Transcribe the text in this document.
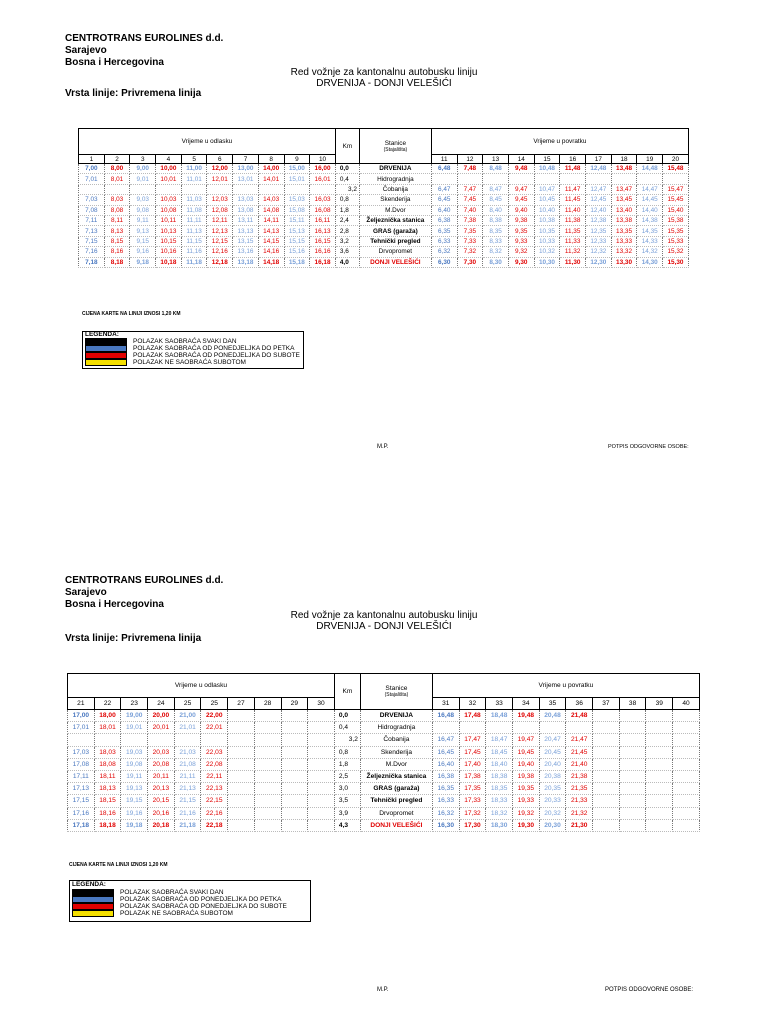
CENTROTRANS EUROLINES d.d.
Sarajevo
Bosna i Hercegovina
Red vožnje za kantonalnu autobusku liniju
DRVENIJA - DONJI VELEŠIĆI
Vrsta linije: Privremena linija
Vrijeme u odlasku										Km	Stanice
(Stajališta)	Vrijeme u povratku									
1	2	3	4	5	6	7	8	9	10			11	12	13	14	15	16	17	18	19	20
7,00	8,00	9,00	10,00	11,00	12,00	13,00	14,00	15,00	16,00	0,0	DRVENIJA	6,48	7,48	8,48	9,48	10,48	11,48	12,48	13,48	14,48	15,48
7,01	8,01	9,01	10,01	11,01	12,01	13,01	14,01	15,01	16,01	0,4	Hidrogradnja										
										3,2	Čobanija	6,47	7,47	8,47	9,47	10,47	11,47	12,47	13,47	14,47	15,47
7,03	8,03	9,03	10,03	11,03	12,03	13,03	14,03	15,03	16,03	0,8	Skenderija	6,45	7,45	8,45	9,45	10,45	11,45	12,45	13,45	14,45	15,45
7,08	8,08	9,08	10,08	11,08	12,08	13,08	14,08	15,08	16,08	1,8	M.Dvor	6,40	7,40	8,40	9,40	10,40	11,40	12,40	13,40	14,40	15,40
7,11	8,11	9,11	10,11	11,11	12,11	13,11	14,11	15,11	16,11	2,4	Željeznička stanica	6,38	7,38	8,38	9,38	10,38	11,38	12,38	13,38	14,38	15,38
7,13	8,13	9,13	10,13	11,13	12,13	13,13	14,13	15,13	16,13	2,8	GRAS (garaža)	6,35	7,35	8,35	9,35	10,35	11,35	12,35	13,35	14,35	15,35
7,15	8,15	9,15	10,15	11,15	12,15	13,15	14,15	15,15	16,15	3,2	Tehnički pregled	6,33	7,33	8,33	9,33	10,33	11,33	12,33	13,33	14,33	15,33
7,16	8,16	9,16	10,16	11,16	12,16	13,16	14,16	15,16	16,16	3,6	Drvopromet	6,32	7,32	8,32	9,32	10,32	11,32	12,32	13,32	14,32	15,32
7,18	8,18	9,18	10,18	11,18	12,18	13,18	14,18	15,18	16,18	4,0	DONJI VELEŠIĆI	6,30	7,30	8,30	9,30	10,30	11,30	12,30	13,30	14,30	15,30
CIJENA KARTE NA LINIJI IZNOSI 1,20 KM
LEGENDA:
POLAZAK SAOBRAĆA SVAKI DAN
POLAZAK SAOBRAĆA OD PONEDJELJKA DO PETKA
POLAZAK SAOBRAĆA OD PONEDJELJKA DO SUBOTE
POLAZAK NE SAOBRAĆA SUBOTOM
M.P.	POTPIS ODGOVORNE OSOBE:
CENTROTRANS EUROLINES d.d.
Sarajevo
Bosna i Hercegovina
Red vožnje za kantonalnu autobusku liniju
DRVENIJA - DONJI VELEŠIĆI
Vrsta linije: Privremena linija
Vrijeme u odlasku										Km	Stanice
(Stajališta)	Vrijeme u povratku									
21	22	23	24	25	25	27	28	29	30			31	32	33	34	35	36	37	38	39	40
17,00	18,00	19,00	20,00	21,00	22,00					0,0	DRVENIJA	16,48	17,48	18,48	19,48	20,48	21,48				
17,01	18,01	19,01	20,01	21,01	22,01					0,4	Hidrogradnja										
										3,2	Čobanija	16,47	17,47	18,47	19,47	20,47	21,47				
17,03	18,03	19,03	20,03	21,03	22,03					0,8	Skenderija	16,45	17,45	18,45	19,45	20,45	21,45				
17,08	18,08	19,08	20,08	21,08	22,08					1,8	M.Dvor	16,40	17,40	18,40	19,40	20,40	21,40				
17,11	18,11	19,11	20,11	21,11	22,11					2,5	Željeznička stanica	16,38	17,38	18,38	19,38	20,38	21,38				
17,13	18,13	19,13	20,13	21,13	22,13					3,0	GRAS (garaža)	16,35	17,35	18,35	19,35	20,35	21,35				
17,15	18,15	19,15	20,15	21,15	22,15					3,5	Tehnički pregled	16,33	17,33	18,33	19,33	20,33	21,33				
17,16	18,16	19,16	20,16	21,16	22,16					3,9	Drvopromet	16,32	17,32	18,32	19,32	20,32	21,32				
17,18	18,18	19,18	20,18	21,18	22,18					4,3	DONJI VELEŠIĆI	16,30	17,30	18,30	19,30	20,30	21,30				
CIJENA KARTE NA LINIJI IZNOSI 1,20 KM
LEGENDA:
POLAZAK SAOBRAĆA SVAKI DAN
POLAZAK SAOBRAĆA OD PONEDJELJKA DO PETKA
POLAZAK SAOBRAĆA OD PONEDJELJKA DO SUBOTE
POLAZAK NE SAOBRAĆA SUBOTOM
M.P.	POTPIS ODGOVORNE OSOBE:
